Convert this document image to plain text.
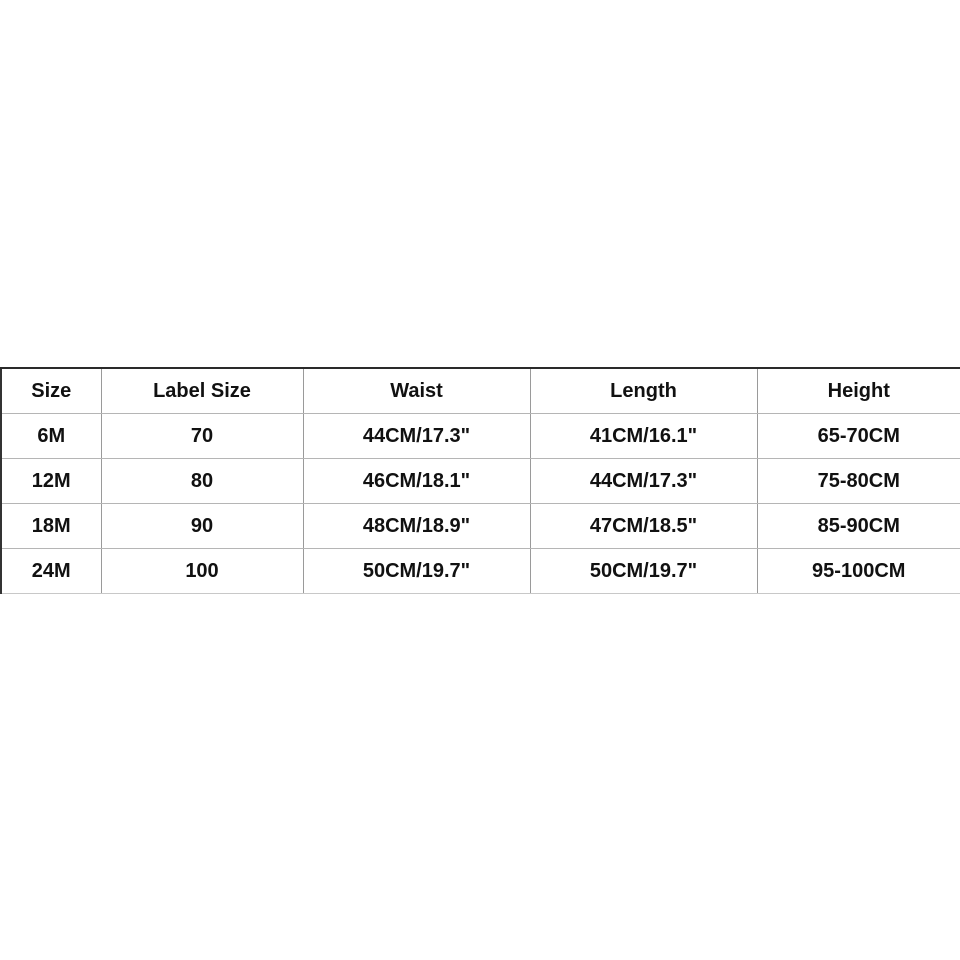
Size	Label Size	Waist	Length	Height
6M	70	44CM/17.3"	41CM/16.1"	65-70CM
12M	80	46CM/18.1"	44CM/17.3"	75-80CM
18M	90	48CM/18.9"	47CM/18.5"	85-90CM
24M	100	50CM/19.7"	50CM/19.7"	95-100CM
